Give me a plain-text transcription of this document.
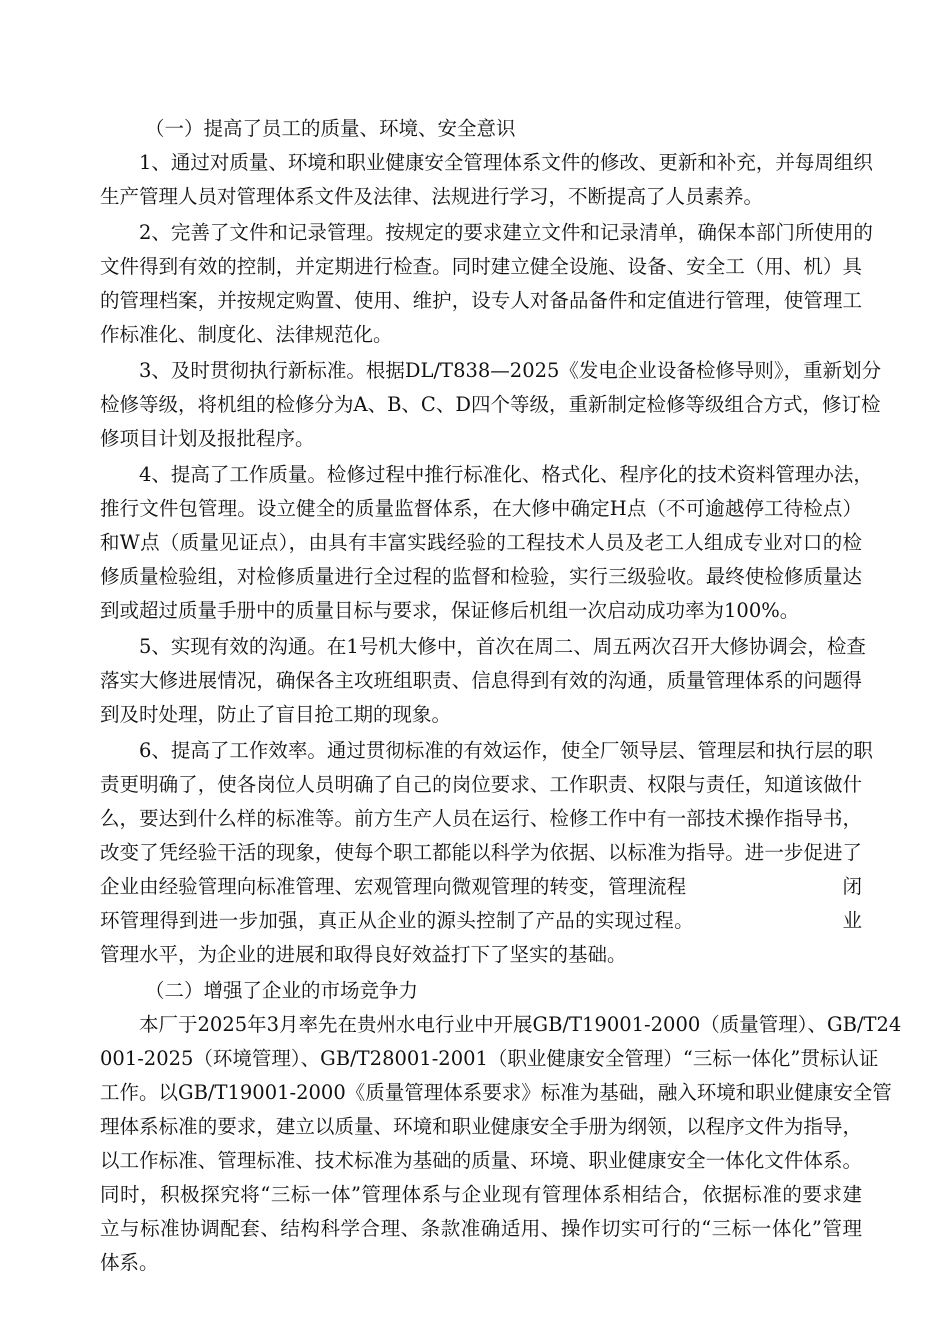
（一）提高了员工的质量、环境、安全意识
1、通过对质量、环境和职业健康安全管理体系文件的修改、更新和补充，并每周组织
生产管理人员对管理体系文件及法律、法规进行学习，不断提高了人员素养。
2、完善了文件和记录管理。按规定的要求建立文件和记录清单，确保本部门所使用的
文件得到有效的控制，并定期进行检查。同时建立健全设施、设备、安全工（用、机）具
的管理档案，并按规定购置、使用、维护，设专人对备品备件和定值进行管理，使管理工
作标准化、制度化、法律规范化。
3、及时贯彻执行新标准。根据DL/T838—2025《发电企业设备检修导则》，重新划分
检修等级，将机组的检修分为A、B、C、D四个等级，重新制定检修等级组合方式，修订检
修项目计划及报批程序。
4、提高了工作质量。检修过程中推行标准化、格式化、程序化的技术资料管理办法，
推行文件包管理。设立健全的质量监督体系，在大修中确定H点（不可逾越停工待检点）
和W点（质量见证点），由具有丰富实践经验的工程技术人员及老工人组成专业对口的检
修质量检验组，对检修质量进行全过程的监督和检验，实行三级验收。最终使检修质量达
到或超过质量手册中的质量目标与要求，保证修后机组一次启动成功率为100%。
5、实现有效的沟通。在1号机大修中，首次在周二、周五两次召开大修协调会，检查
落实大修进展情况，确保各主攻班组职责、信息得到有效的沟通，质量管理体系的问题得
到及时处理，防止了盲目抢工期的现象。
6、提高了工作效率。通过贯彻标准的有效运作，使全厂领导层、管理层和执行层的职
责更明确了，使各岗位人员明确了自己的岗位要求、工作职责、权限与责任，知道该做什
么，要达到什么样的标准等。前方生产人员在运行、检修工作中有一部技术操作指导书，
改变了凭经验干活的现象，使每个职工都能以科学为依据、以标准为指导。进一步促进了
企业由经验管理向标准管理、宏观管理向微观管理的转变，管理流程　　　　　　　　闭
环管理得到进一步加强，真正从企业的源头控制了产品的实现过程。　　　　　　　　业
管理水平，为企业的进展和取得良好效益打下了坚实的基础。
（二）增强了企业的市场竞争力
本厂于2025年3月率先在贵州水电行业中开展GB/T19001-2000（质量管理）、GB/T24
001-2025（环境管理）、GB/T28001-2001（职业健康安全管理）“三标一体化”贯标认证
工作。以GB/T19001-2000《质量管理体系要求》标准为基础，融入环境和职业健康安全管
理体系标准的要求，建立以质量、环境和职业健康安全手册为纲领，以程序文件为指导，
以工作标准、管理标准、技术标准为基础的质量、环境、职业健康安全一体化文件体系。
同时，积极探究将“三标一体”管理体系与企业现有管理体系相结合，依据标准的要求建
立与标准协调配套、结构科学合理、条款准确适用、操作切实可行的“三标一体化”管理
体系。
